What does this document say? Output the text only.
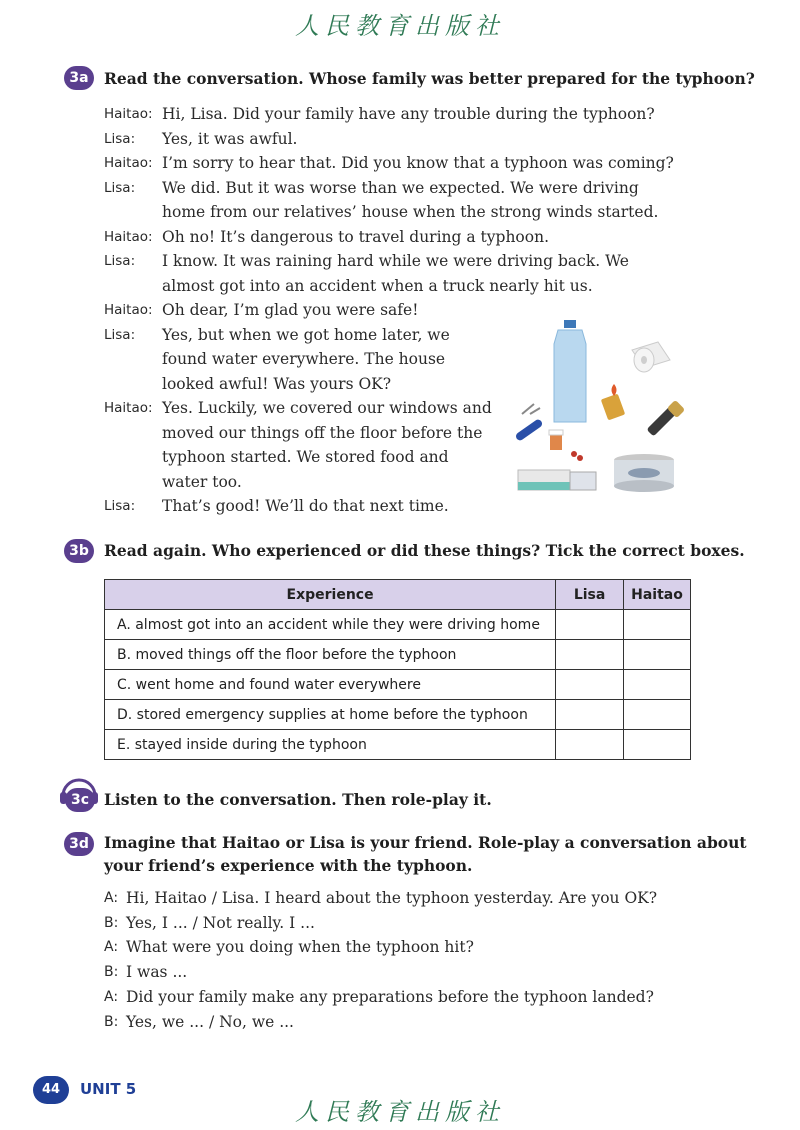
人民教育出版社
3a Read the conversation. Whose family was better prepared for the typhoon?
Haitao: Hi, Lisa. Did your family have any trouble during the typhoon?
Lisa:	Yes, it was awful.
Haitao: I’m sorry to hear that. Did you know that a typhoon was coming?
Lisa:	We did. But it was worse than we expected. We were driving home from our relatives’ house when the strong winds started.
Haitao: Oh no! It’s dangerous to travel during a typhoon.
Lisa:	I know. It was raining hard while we were driving back. We almost got into an accident when a truck nearly hit us.
Haitao: Oh dear, I’m glad you were safe!
Lisa:	Yes, but when we got home later, we found water everywhere. The house looked awful! Was yours OK?
Haitao: Yes. Luckily, we covered our windows and moved our things off the floor before the typhoon started. We stored food and water too.
Lisa:	That’s good! We’ll do that next time.
3b Read again. Who experienced or did these things? Tick the correct boxes.
Experience	Lisa	Haitao
A. almost got into an accident while they were driving home		
B. moved things off the floor before the typhoon		
C. went home and found water everywhere		
D. stored emergency supplies at home before the typhoon		
E. stayed inside during the typhoon		
3c Listen to the conversation. Then role-play it.
3d Imagine that Haitao or Lisa is your friend. Role-play a conversation about
your friend’s experience with the typhoon.
A: Hi, Haitao / Lisa. I heard about the typhoon yesterday. Are you OK?
B: Yes, I ... / Not really. I ...
A: What were you doing when the typhoon hit?
B: I was ...
A: Did your family make any preparations before the typhoon landed?
B: Yes, we ... / No, we ...
44	UNIT 5
人民教育出版社
